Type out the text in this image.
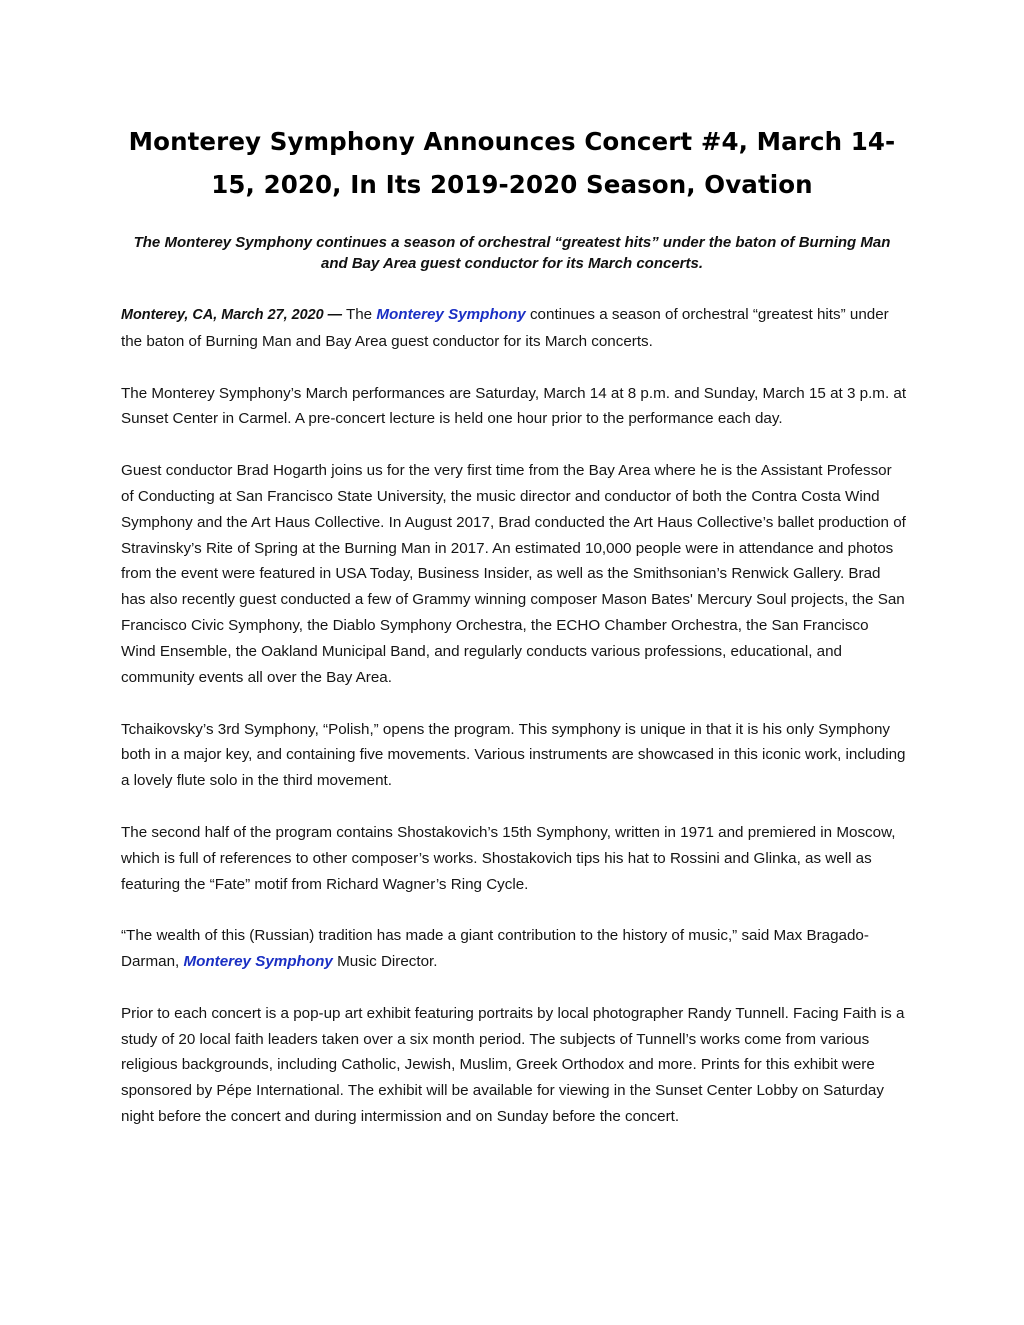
Monterey Symphony Announces Concert #4, March 14-15, 2020, In Its 2019-2020 Season, Ovation

The Monterey Symphony continues a season of orchestral “greatest hits” under the baton of Burning Man and Bay Area guest conductor for its March concerts.

Monterey, CA, March 27, 2020 — The Monterey Symphony continues a season of orchestral “greatest hits” under the baton of Burning Man and Bay Area guest conductor for its March concerts.

The Monterey Symphony’s March performances are Saturday, March 14 at 8 p.m. and Sunday, March 15 at 3 p.m. at Sunset Center in Carmel. A pre-concert lecture is held one hour prior to the performance each day.

Guest conductor Brad Hogarth joins us for the very first time from the Bay Area where he is the Assistant Professor of Conducting at San Francisco State University, the music director and conductor of both the Contra Costa Wind Symphony and the Art Haus Collective. In August 2017, Brad conducted the Art Haus Collective’s ballet production of Stravinsky’s Rite of Spring at the Burning Man in 2017. An estimated 10,000 people were in attendance and photos from the event were featured in USA Today, Business Insider, as well as the Smithsonian’s Renwick Gallery. Brad has also recently guest conducted a few of Grammy winning composer Mason Bates' Mercury Soul projects, the San Francisco Civic Symphony, the Diablo Symphony Orchestra, the ECHO Chamber Orchestra, the San Francisco Wind Ensemble, the Oakland Municipal Band, and regularly conducts various professions, educational, and community events all over the Bay Area.

Tchaikovsky’s 3rd Symphony, “Polish,” opens the program. This symphony is unique in that it is his only Symphony both in a major key, and containing five movements. Various instruments are showcased in this iconic work, including a lovely flute solo in the third movement.

The second half of the program contains Shostakovich’s 15th Symphony, written in 1971 and premiered in Moscow, which is full of references to other composer’s works. Shostakovich tips his hat to Rossini and Glinka, as well as featuring the “Fate” motif from Richard Wagner’s Ring Cycle.

“The wealth of this (Russian) tradition has made a giant contribution to the history of music,” said Max Bragado-Darman, Monterey Symphony Music Director.

Prior to each concert is a pop-up art exhibit featuring portraits by local photographer Randy Tunnell. Facing Faith is a study of 20 local faith leaders taken over a six month period. The subjects of Tunnell’s works come from various religious backgrounds, including Catholic, Jewish, Muslim, Greek Orthodox and more. Prints for this exhibit were sponsored by Pépe International. The exhibit will be available for viewing in the Sunset Center Lobby on Saturday night before the concert and during intermission and on Sunday before the concert.
